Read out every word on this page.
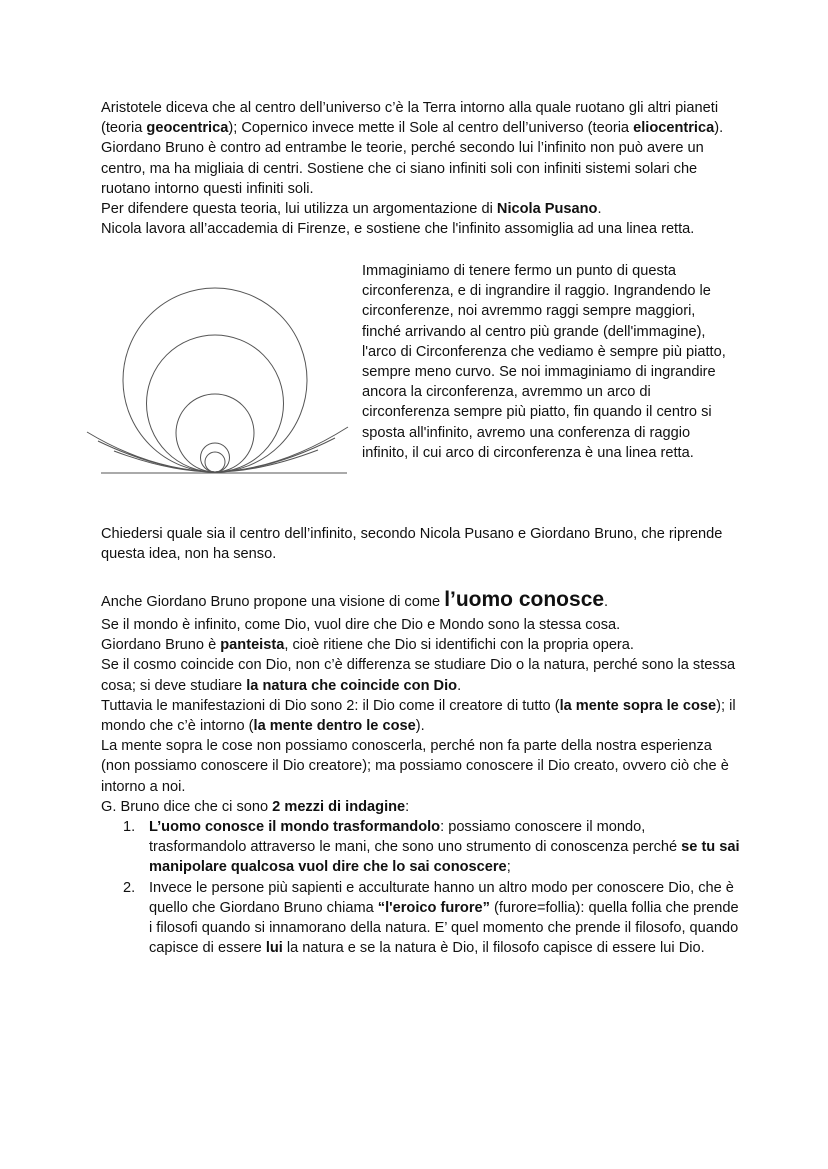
Aristotele diceva che al centro dell’universo c’è la Terra intorno alla quale ruotano gli altri pianeti (teoria geocentrica); Copernico invece mette il Sole al centro dell’universo (teoria eliocentrica).

Giordano Bruno è contro ad entrambe le teorie, perché secondo lui l’infinito non può avere un centro, ma ha migliaia di centri. Sostiene che ci siano infiniti soli con infiniti sistemi solari che ruotano intorno questi infiniti soli.

Per difendere questa teoria, lui utilizza un argomentazione di Nicola Pusano.

Nicola lavora all’accademia di Firenze, e sostiene che l'infinito assomiglia ad una linea retta.

Immaginiamo di tenere fermo un punto di questa circonferenza, e di ingrandire il raggio. Ingrandendo le circonferenze, noi avremmo raggi sempre maggiori, finché arrivando al centro più grande (dell'immagine), l'arco di Circonferenza che vediamo è sempre più piatto, sempre meno curvo. Se noi immaginiamo di ingrandire ancora la circonferenza, avremmo un arco di circonferenza sempre più piatto, fin quando il centro si sposta all'infinito, avremo una conferenza di raggio infinito, il cui arco di circonferenza è una linea retta.

Chiedersi quale sia il centro dell’infinito, secondo Nicola Pusano e Giordano Bruno, che riprende questa idea, non ha senso.

Anche Giordano Bruno propone una visione di come l’uomo conosce.

Se il mondo è infinito, come Dio, vuol dire che Dio e Mondo sono la stessa cosa.

Giordano Bruno è panteista, cioè ritiene che Dio si identifichi con la propria opera.

Se il cosmo coincide con Dio, non c’è differenza se studiare Dio o la natura, perché sono la stessa cosa; si deve studiare la natura che coincide con Dio.

Tuttavia le manifestazioni di Dio sono 2: il Dio come il creatore di tutto (la mente sopra le cose); il mondo che c’è intorno (la mente dentro le cose).

La mente sopra le cose non possiamo conoscerla, perché non fa parte della nostra esperienza (non possiamo conoscere il Dio creatore); ma possiamo conoscere il Dio creato, ovvero ciò che è intorno a noi.

G. Bruno dice che ci sono 2 mezzi di indagine:

1. L’uomo conosce il mondo trasformandolo: possiamo conoscere il mondo, trasformandolo attraverso le mani, che sono uno strumento di conoscenza perché se tu sai manipolare qualcosa vuol dire che lo sai conoscere;
2. Invece le persone più sapienti e acculturate hanno un altro modo per conoscere Dio, che è quello che Giordano Bruno chiama “l'eroico furore” (furore=follia): quella follia che prende i filosofi quando si innamorano della natura. E’ quel momento che prende il filosofo, quando capisce di essere lui la natura e se la natura è Dio, il filosofo capisce di essere lui Dio.
